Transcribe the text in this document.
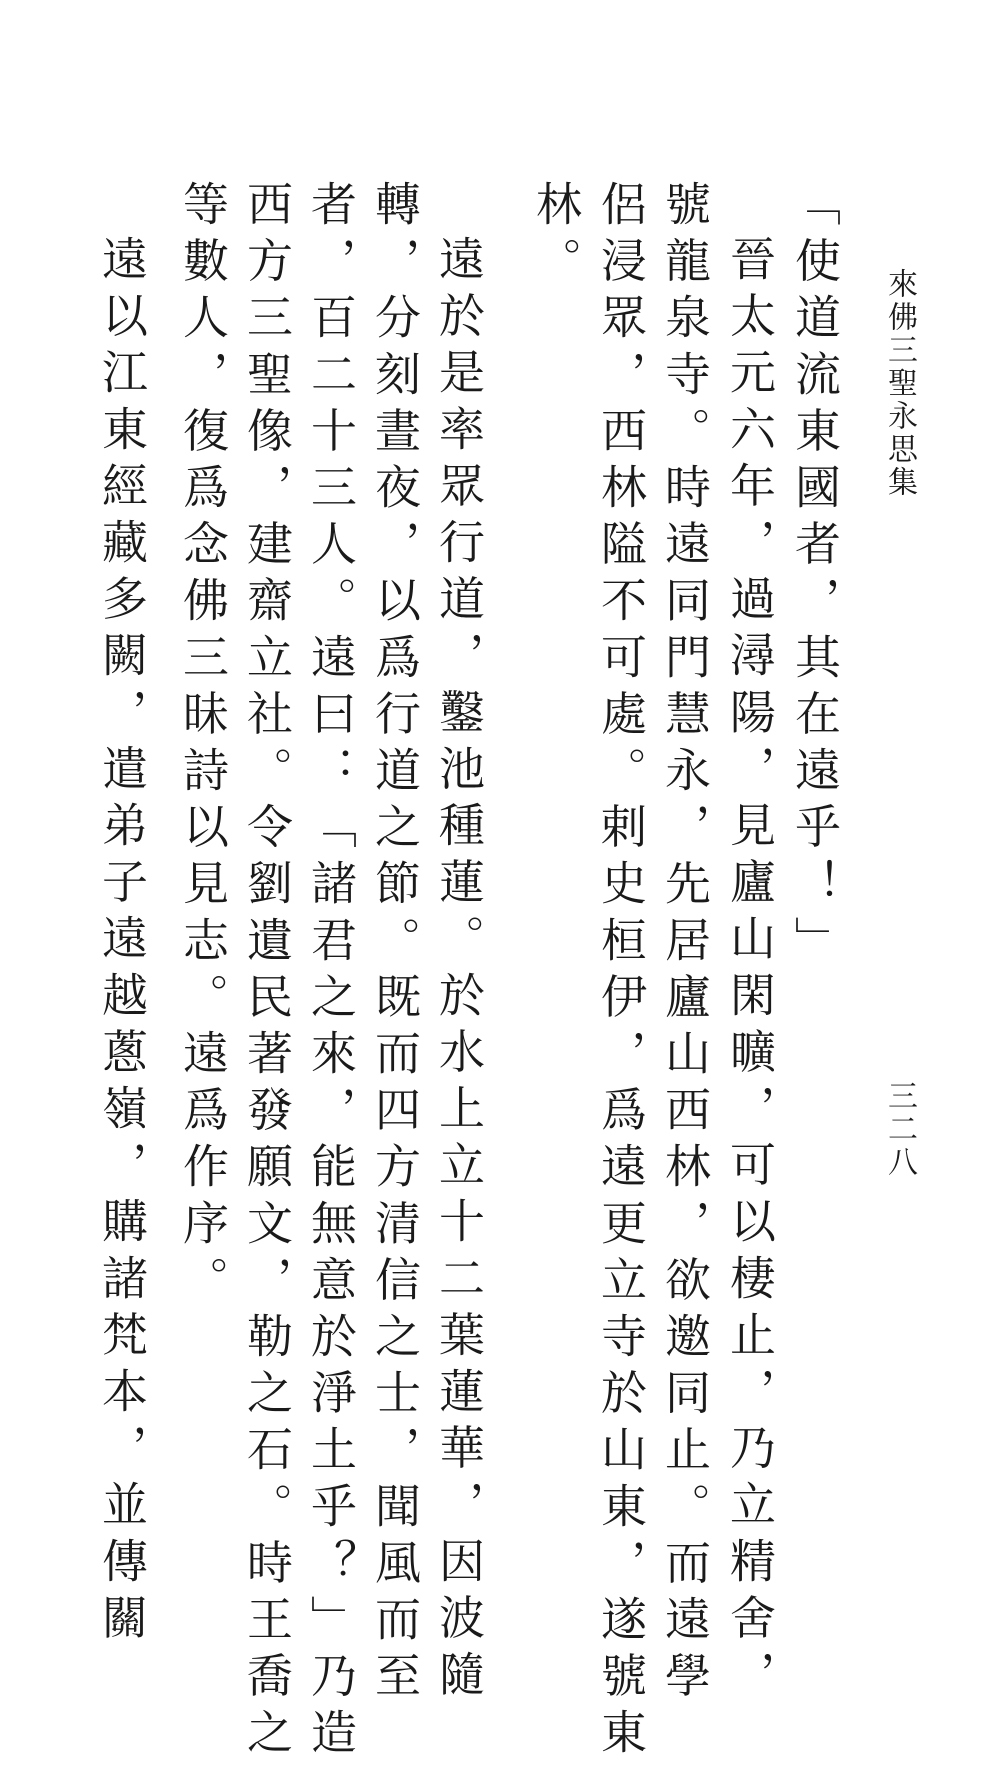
來佛三聖永思集
三二八
「使道流東國者，其在遠乎！」
晉太元六年，過潯陽，見廬山閑曠，可以棲止，乃立精舍，
號龍泉寺。時遠同門慧永，先居廬山西林，欲邀同止。而遠學
侶浸眾，西林隘不可處。剌史桓伊，爲遠更立寺於山東，遂號東
林。
遠於是率眾行道，鑿池種蓮。於水上立十二葉蓮華，因波隨
轉，分刻晝夜，以爲行道之節。既而四方清信之士，聞風而至
者，百二十三人。遠曰：「諸君之來，能無意於淨土乎？」乃造
西方三聖像，建齋立社。令劉遺民著發願文，勒之石。時王喬之
等數人，復爲念佛三昧詩以見志。遠爲作序。
遠以江東經藏多闕，遣弟子遠越蔥嶺，購諸梵本，並傳關
